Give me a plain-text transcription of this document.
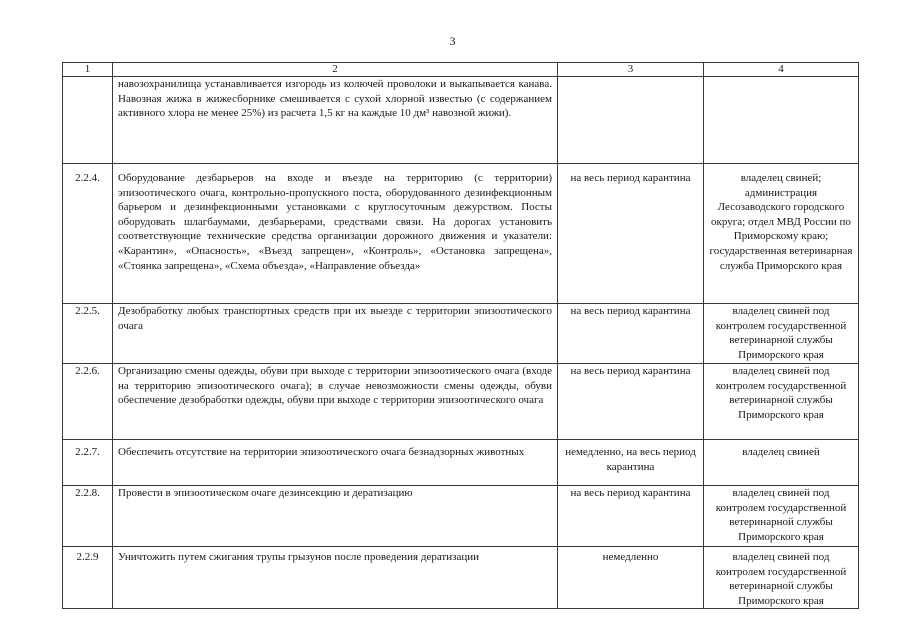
3
1	2	3	4
	навозохранилища устанавливается изгородь из колючей проволоки и выкапывается канава. Навозная жижа в жижесборнике смешивается с сухой хлорной известью (с содержанием активного хлора не менее 25%) из расчета 1,5 кг на каждые 10 дм³ навозной жижи).		
2.2.4.	Оборудование дезбарьеров на входе и въезде на территорию (с территории) эпизоотического очага, контрольно-пропускного поста, оборудованного дезинфекционным барьером и дезинфекционными установками с круглосуточным дежурством. Посты оборудовать шлагбаумами, дезбарьерами, средствами связи. На дорогах установить соответствующие технические средства организации дорожного движения и указатели: «Карантин», «Опасность», «Въезд запрещен», «Контроль», «Остановка запрещена», «Стоянка запрещена», «Схема объезда», «Направление объезда»	на весь период карантина	владелец свиней; администрация Лесозаводского городского округа; отдел МВД России по Приморскому краю; государственная ветеринарная служба Приморского края
2.2.5.	Дезобработку любых транспортных средств при их выезде с территории эпизоотического очага	на весь период карантина	владелец свиней под контролем государственной ветеринарной службы Приморского края
2.2.6.	Организацию смены одежды, обуви при выходе с территории эпизоотического очага (входе на территорию эпизоотического очага); в случае невозможности смены одежды, обуви обеспечение дезобработки одежды, обуви при выходе с территории эпизоотического очага	на весь период карантина	владелец свиней под контролем государственной ветеринарной службы Приморского края
2.2.7.	Обеспечить отсутствие на территории эпизоотического очага безнадзорных животных	немедленно, на весь период карантина	владелец свиней
2.2.8.	Провести в эпизоотическом очаге дезинсекцию и дератизацию	на весь период карантина	владелец свиней под контролем государственной ветеринарной службы Приморского края
2.2.9	Уничтожить путем сжигания трупы грызунов после проведения дератизации	немедленно	владелец свиней под контролем государственной ветеринарной службы Приморского края
